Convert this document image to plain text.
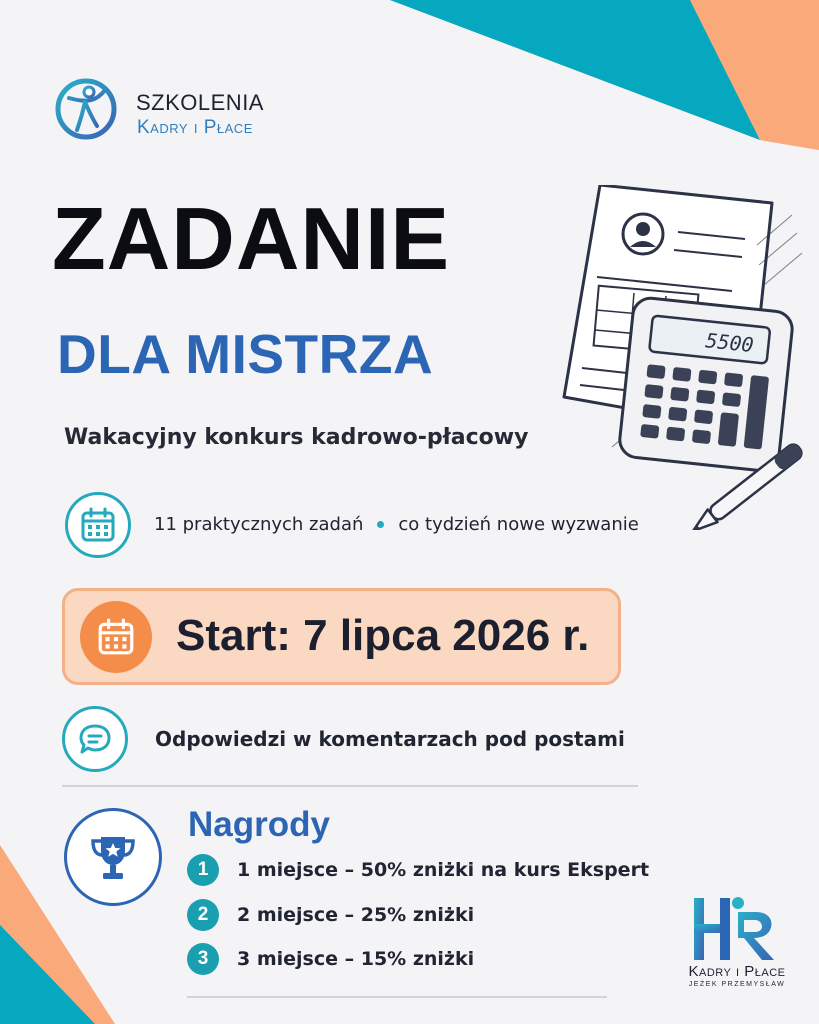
SZKOLENIA
Kadry i Płace
ZADANIE
DLA MISTRZA
Wakacyjny konkurs kadrowo-płacowy
5500
11 praktycznych zadań co tydzień nowe wyzwanie
Start: 7 lipca 2026 r.
Odpowiedzi w komentarzach pod postami
Nagrody
1	1 miejsce – 50% zniżki na kurs Ekspert
2	2 miejsce – 25% zniżki
3	3 miejsce – 15% zniżki
Kadry i Płace
JEŻEK PRZEMYSŁAW
